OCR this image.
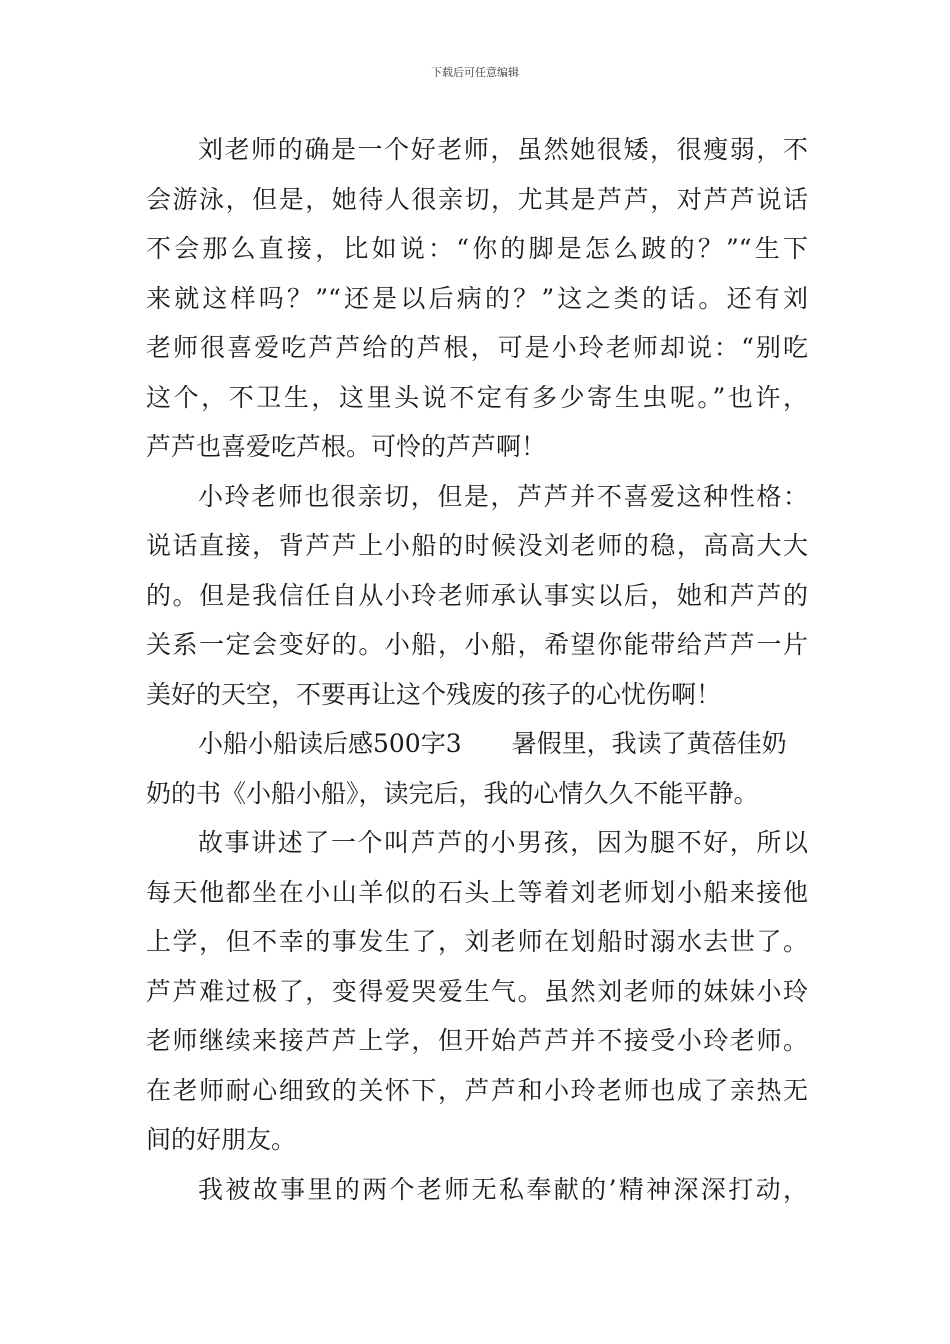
下载后可任意编辑
刘老师的确是一个好老师，虽然她很矮，很瘦弱，不
会游泳，但是，她待人很亲切，尤其是芦芦，对芦芦说话
不会那么直接，比如说：“你的脚是怎么跛的？”“生下
来就这样吗？”“还是以后病的？”这之类的话。还有刘
老师很喜爱吃芦芦给的芦根，可是小玲老师却说：“别吃
这个，不卫生，这里头说不定有多少寄生虫呢。”也许，
芦芦也喜爱吃芦根。可怜的芦芦啊！
小玲老师也很亲切，但是，芦芦并不喜爱这种性格：
说话直接，背芦芦上小船的时候没刘老师的稳，高高大大
的。但是我信任自从小玲老师承认事实以后，她和芦芦的
关系一定会变好的。小船，小船，希望你能带给芦芦一片
美好的天空，不要再让这个残废的孩子的心忧伤啊！
小船小船读后感500字3 暑假里，我读了黄蓓佳奶
奶的书《小船小船》，读完后，我的心情久久不能平静。
故事讲述了一个叫芦芦的小男孩，因为腿不好，所以
每天他都坐在小山羊似的石头上等着刘老师划小船来接他
上学，但不幸的事发生了，刘老师在划船时溺水去世了。
芦芦难过极了，变得爱哭爱生气。虽然刘老师的妹妹小玲
老师继续来接芦芦上学，但开始芦芦并不接受小玲老师。
在老师耐心细致的关怀下，芦芦和小玲老师也成了亲热无
间的好朋友。
我被故事里的两个老师无私奉献的’精神深深打动，
